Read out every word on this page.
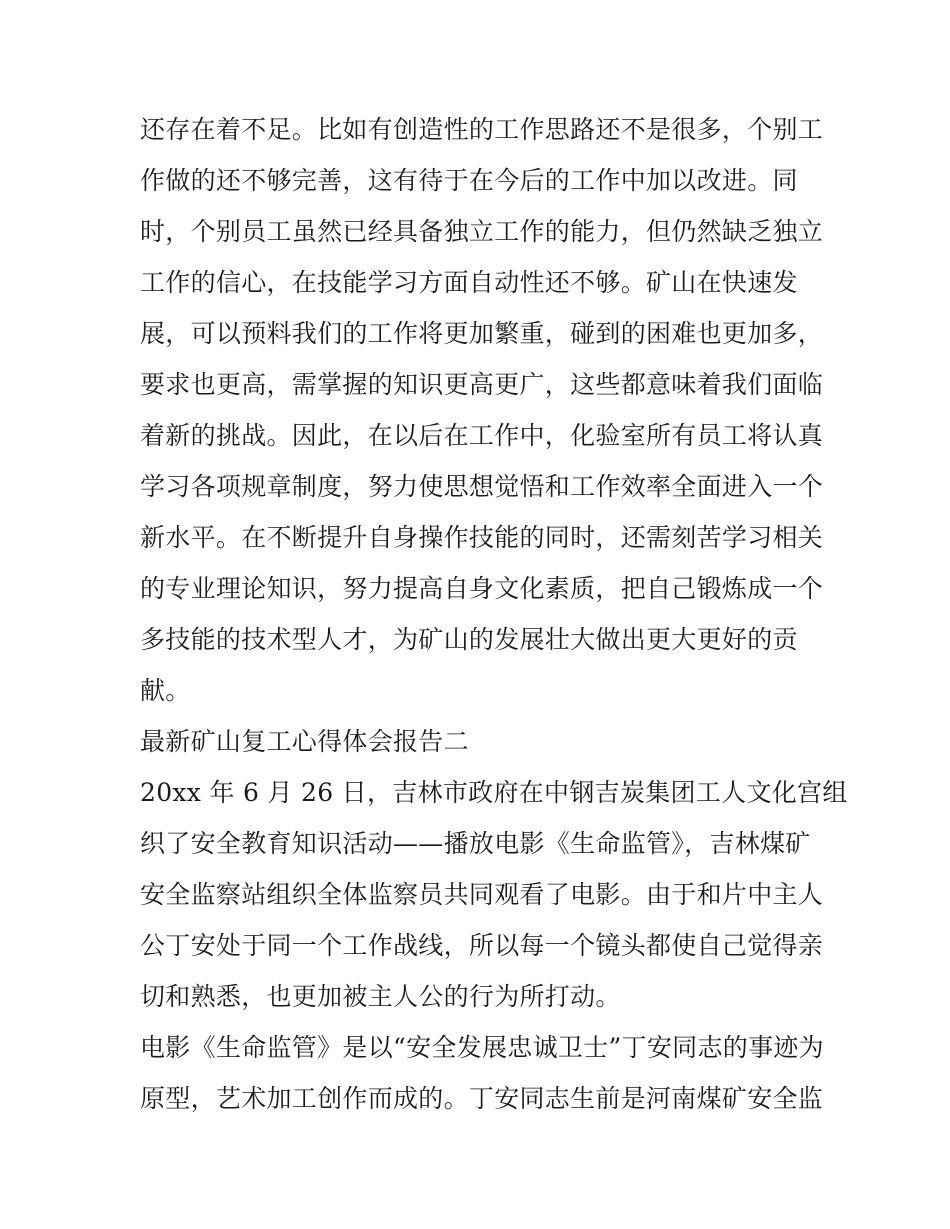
还存在着不足。比如有创造性的工作思路还不是很多，个别工
作做的还不够完善，这有待于在今后的工作中加以改进。同
时，个别员工虽然已经具备独立工作的能力，但仍然缺乏独立
工作的信心，在技能学习方面自动性还不够。矿山在快速发
展，可以预料我们的工作将更加繁重，碰到的困难也更加多，
要求也更高，需掌握的知识更高更广，这些都意味着我们面临
着新的挑战。因此，在以后在工作中，化验室所有员工将认真
学习各项规章制度，努力使思想觉悟和工作效率全面进入一个
新水平。在不断提升自身操作技能的同时，还需刻苦学习相关
的专业理论知识，努力提高自身文化素质，把自己锻炼成一个
多技能的技术型人才，为矿山的发展壮大做出更大更好的贡
献。
最新矿山复工心得体会报告二
20xx 年 6 月 26 日，吉林市政府在中钢吉炭集团工人文化宫组
织了安全教育知识活动——播放电影《生命监管》，吉林煤矿
安全监察站组织全体监察员共同观看了电影。由于和片中主人
公丁安处于同一个工作战线，所以每一个镜头都使自己觉得亲
切和熟悉，也更加被主人公的行为所打动。
电影《生命监管》是以“安全发展忠诚卫士”丁安同志的事迹为
原型，艺术加工创作而成的。丁安同志生前是河南煤矿安全监
